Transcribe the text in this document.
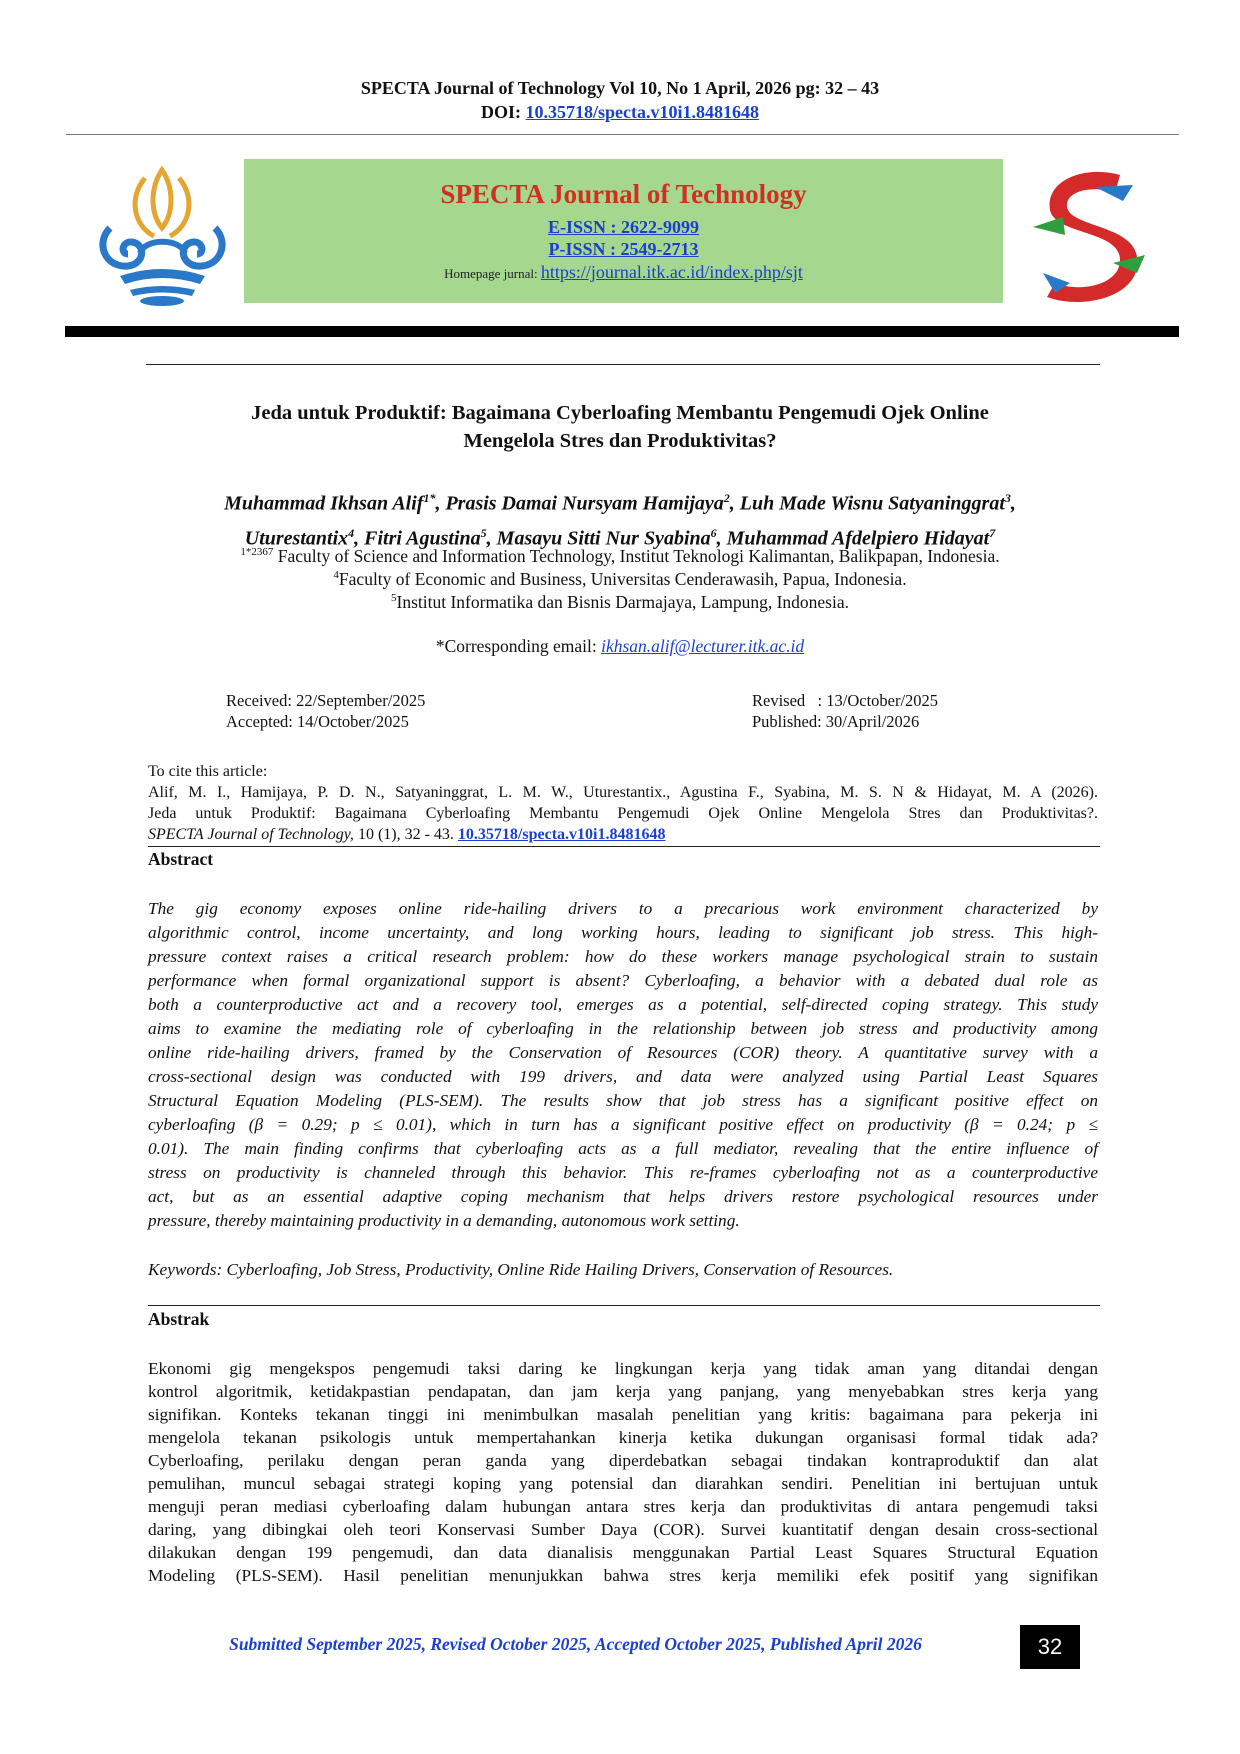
SPECTA Journal of Technology Vol 10, No 1 April, 2026 pg: 32 – 43
DOI: 10.35718/specta.v10i1.8481648
SPECTA Journal of Technology
E-ISSN : 2622-9099
P-ISSN : 2549-2713
Homepage jurnal: https://journal.itk.ac.id/index.php/sjt
Jeda untuk Produktif: Bagaimana Cyberloafing Membantu Pengemudi Ojek Online
Mengelola Stres dan Produktivitas?
Muhammad Ikhsan Alif$^{1*}$, Prasis Damai Nursyam Hamijaya$^2$, Luh Made Wisnu Satyaninggrat$^3$,
Uturestantix$^4$, Fitri Agustina$^5$, Masayu Sitti Nur Syabina$^6$, Muhammad Afdelpiero Hidayat$^7$
$^{1*2367}$ Faculty of Science and Information Technology, Institut Teknologi Kalimantan, Balikpapan, Indonesia.
$^4$Faculty of Economic and Business, Universitas Cenderawasih, Papua, Indonesia.
$^5$Institut Informatika dan Bisnis Darmajaya, Lampung, Indonesia.
*Corresponding email: ikhsan.alif@lecturer.itk.ac.id
Received: 22/September/2025
Accepted: 14/October/2025
Revised   : 13/October/2025
Published: 30/April/2026
To cite this article:
Alif, M. I., Hamijaya, P. D. N., Satyaninggrat, L. M. W., Uturestantix., Agustina F., Syabina, M. S. N & Hidayat, M. A (2026).
Jeda untuk Produktif: Bagaimana Cyberloafing Membantu Pengemudi Ojek Online Mengelola Stres dan Produktivitas?.
SPECTA Journal of Technology, 10 (1), 32 - 43. 10.35718/specta.v10i1.8481648
Abstract
The gig economy exposes online ride-hailing drivers to a precarious work environment characterized by
algorithmic control, income uncertainty, and long working hours, leading to significant job stress. This high-
pressure context raises a critical research problem: how do these workers manage psychological strain to sustain
performance when formal organizational support is absent? Cyberloafing, a behavior with a debated dual role as
both a counterproductive act and a recovery tool, emerges as a potential, self-directed coping strategy. This study
aims to examine the mediating role of cyberloafing in the relationship between job stress and productivity among
online ride-hailing drivers, framed by the Conservation of Resources (COR) theory. A quantitative survey with a
cross-sectional design was conducted with 199 drivers, and data were analyzed using Partial Least Squares
Structural Equation Modeling (PLS-SEM). The results show that job stress has a significant positive effect on
cyberloafing (β = 0.29; p ≤ 0.01), which in turn has a significant positive effect on productivity (β = 0.24; p ≤
0.01). The main finding confirms that cyberloafing acts as a full mediator, revealing that the entire influence of
stress on productivity is channeled through this behavior. This re-frames cyberloafing not as a counterproductive
act, but as an essential adaptive coping mechanism that helps drivers restore psychological resources under
pressure, thereby maintaining productivity in a demanding, autonomous work setting.
Keywords: Cyberloafing, Job Stress, Productivity, Online Ride Hailing Drivers, Conservation of Resources.
Abstrak
Ekonomi gig mengekspos pengemudi taksi daring ke lingkungan kerja yang tidak aman yang ditandai dengan
kontrol algoritmik, ketidakpastian pendapatan, dan jam kerja yang panjang, yang menyebabkan stres kerja yang
signifikan. Konteks tekanan tinggi ini menimbulkan masalah penelitian yang kritis: bagaimana para pekerja ini
mengelola tekanan psikologis untuk mempertahankan kinerja ketika dukungan organisasi formal tidak ada?
Cyberloafing, perilaku dengan peran ganda yang diperdebatkan sebagai tindakan kontraproduktif dan alat
pemulihan, muncul sebagai strategi koping yang potensial dan diarahkan sendiri. Penelitian ini bertujuan untuk
menguji peran mediasi cyberloafing dalam hubungan antara stres kerja dan produktivitas di antara pengemudi taksi
daring, yang dibingkai oleh teori Konservasi Sumber Daya (COR). Survei kuantitatif dengan desain cross-sectional
dilakukan dengan 199 pengemudi, dan data dianalisis menggunakan Partial Least Squares Structural Equation
Modeling (PLS-SEM). Hasil penelitian menunjukkan bahwa stres kerja memiliki efek positif yang signifikan
Submitted September 2025, Revised October 2025, Accepted October 2025, Published April 2026	32
